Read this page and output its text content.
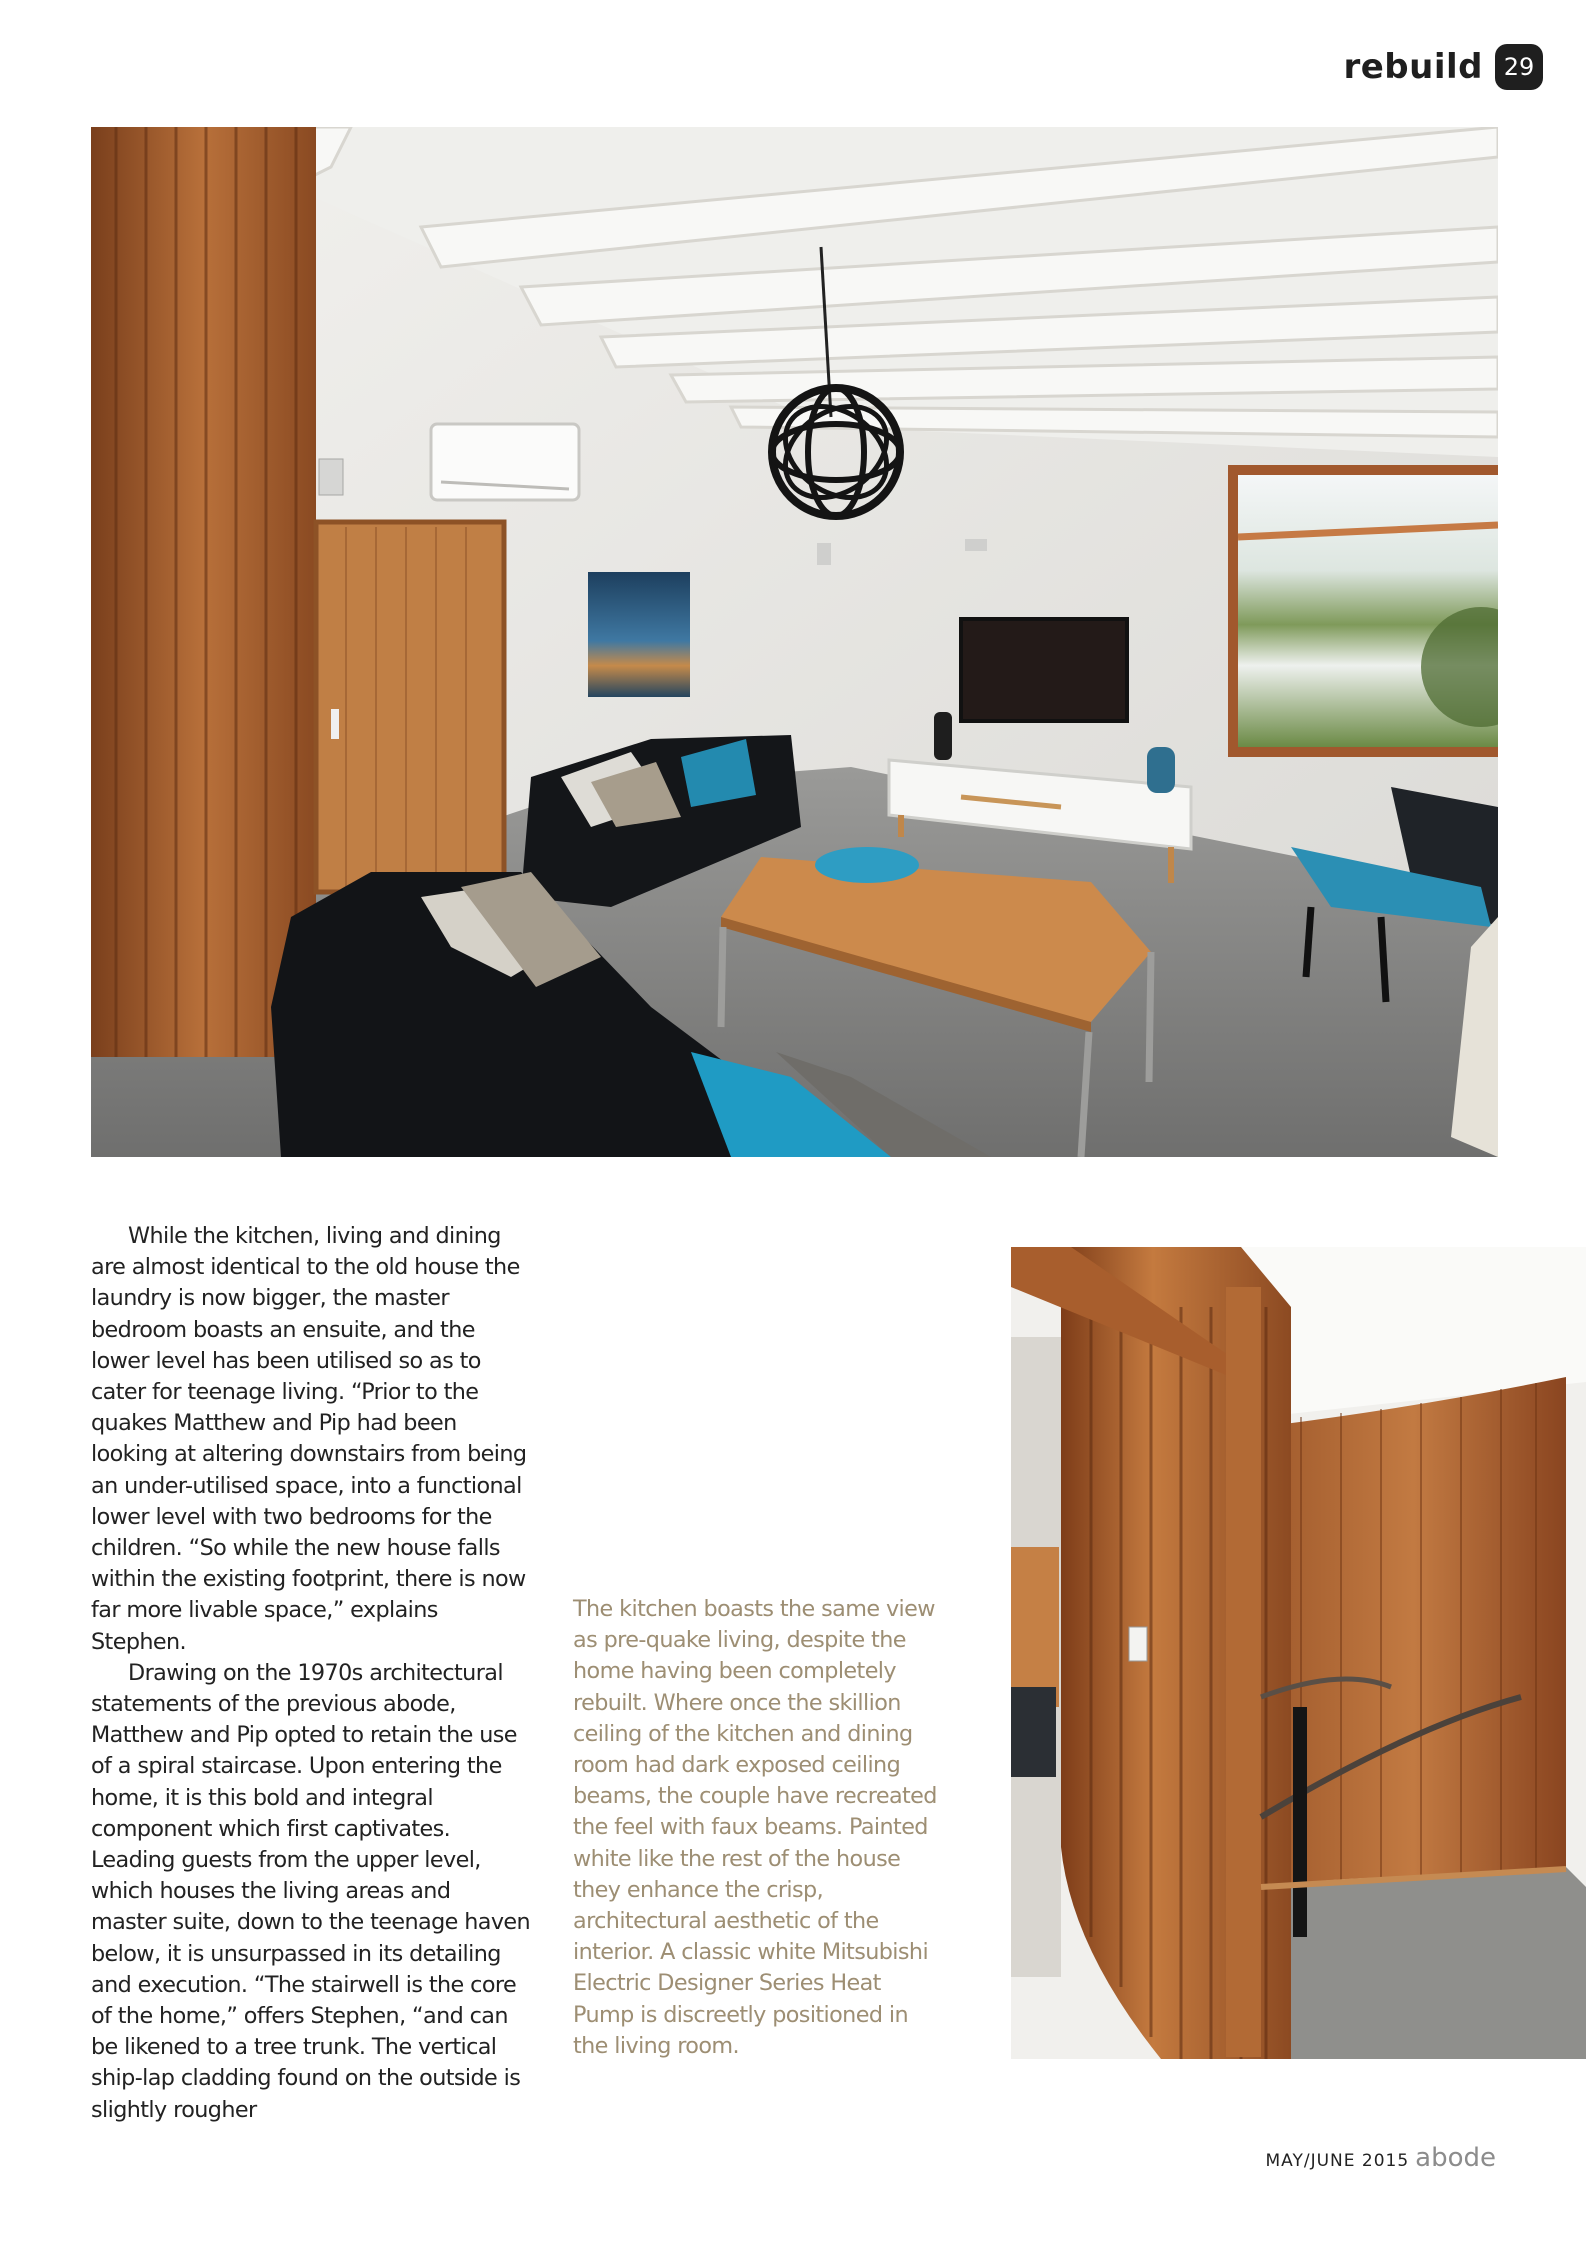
rebuild 29

While the kitchen, living and dining are almost identical to the old house the laundry is now bigger, the master bedroom boasts an ensuite, and the lower level has been utilised so as to cater for teenage living. “Prior to the quakes Matthew and Pip had been looking at altering downstairs from being an under-utilised space, into a functional lower level with two bedrooms for the children. “So while the new house falls within the existing footprint, there is now far more livable space,” explains Stephen.

Drawing on the 1970s architectural statements of the previous abode, Matthew and Pip opted to retain the use of a spiral staircase. Upon entering the home, it is this bold and integral component which first captivates. Leading guests from the upper level, which houses the living areas and master suite, down to the teenage haven below, it is unsurpassed in its detailing and execution. “The stairwell is the core of the home,” offers Stephen, “and can be likened to a tree trunk. The vertical ship-lap cladding found on the outside is slightly rougher

The kitchen boasts the same view as pre-quake living, despite the home having been completely rebuilt. Where once the skillion ceiling of the kitchen and dining room had dark exposed ceiling beams, the couple have recreated the feel with faux beams. Painted white like the rest of the house they enhance the crisp, architectural aesthetic of the interior. A classic white Mitsubishi Electric Designer Series Heat Pump is discreetly positioned in the living room.
MAY/JUNE 2015 abode
